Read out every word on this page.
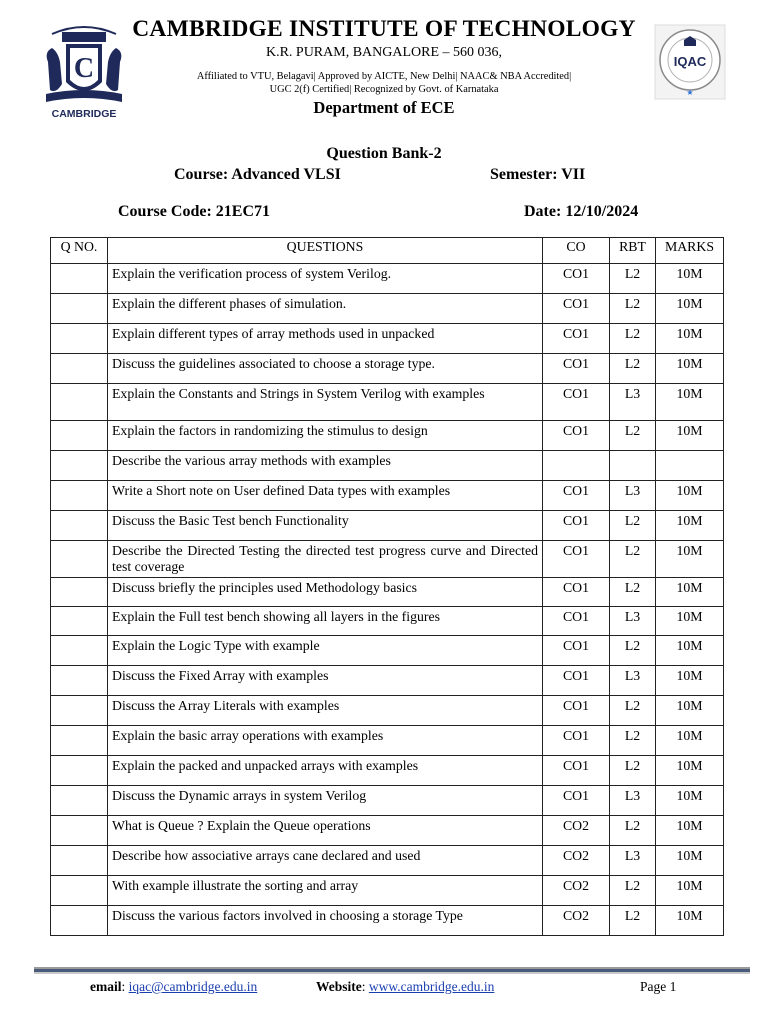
C
CAMBRIDGE
CAMBRIDGE INSTITUTE OF TECHNOLOGY
K.R. PURAM, BANGALORE – 560 036,
Affiliated to VTU, Belagavi| Approved by AICTE, New Delhi| NAAC& NBA Accredited|
UGC 2(f) Certified| Recognized by Govt. of Karnataka
Department of ECE
IQAC
★
Question Bank-2
Course: Advanced VLSI	Semester: VII
Course Code: 21EC71	Date: 12/10/2024
Q NO.	QUESTIONS	CO	RBT	MARKS
	Explain the verification process of system Verilog.	CO1	L2	10M
	Explain the different phases of simulation.	CO1	L2	10M
	Explain different types of array methods used in unpacked	CO1	L2	10M
	Discuss the guidelines associated to choose a storage type.	CO1	L2	10M
	Explain the Constants and Strings in System Verilog with examples	CO1	L3	10M
	Explain the factors in randomizing the stimulus to design	CO1	L2	10M
	Describe the various array methods with examples			
	Write a Short note on User defined Data types with examples	CO1	L3	10M
	Discuss the Basic Test bench Functionality	CO1	L2	10M
	Describe the Directed Testing the directed test progress curve and Directed test coverage	CO1	L2	10M
	Discuss briefly the principles used Methodology basics	CO1	L2	10M
	Explain the Full test bench showing all layers in the figures	CO1	L3	10M
	Explain the Logic Type with example	CO1	L2	10M
	Discuss the Fixed Array with examples	CO1	L3	10M
	Discuss the Array Literals with examples	CO1	L2	10M
	Explain the basic array operations with examples	CO1	L2	10M
	Explain the packed and unpacked arrays with examples	CO1	L2	10M
	Discuss the Dynamic arrays in system Verilog	CO1	L3	10M
	What is Queue ? Explain the Queue operations	CO2	L2	10M
	Describe how associative arrays cane declared and used	CO2	L3	10M
	With example illustrate the sorting and array	CO2	L2	10M
	Discuss the various factors involved in choosing a storage Type	CO2	L2	10M
email: iqac@cambridge.edu.in	Website: www.cambridge.edu.in	Page 1
